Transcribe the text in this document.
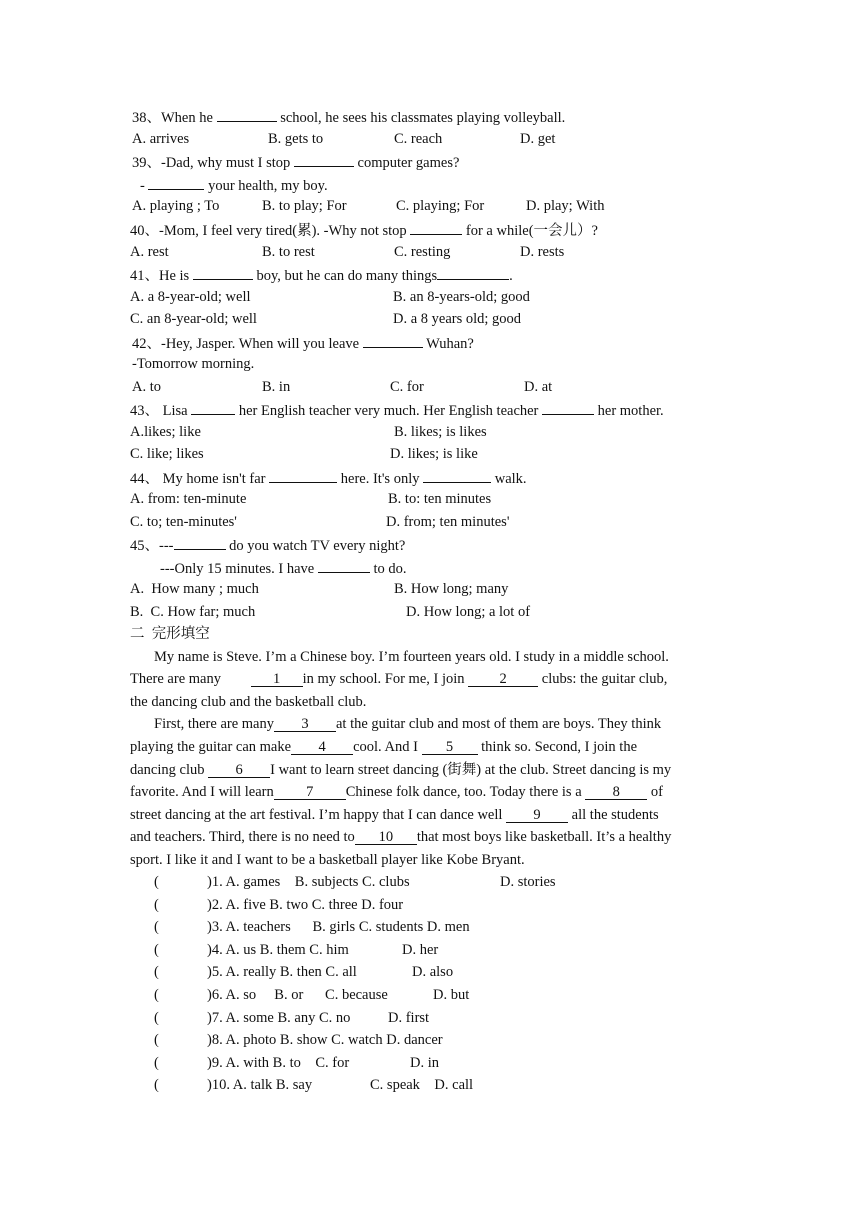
38、When he	school, he sees his classmates playing volleyball.
A. arrives	B. gets to	C. reach	D. get
39、-Dad, why must I stop	computer games?
-	your health, my boy.
A. playing ; To	B. to play; For	C. playing; For	D. play; With
40、-Mom, I feel very tired(累). -Why not stop	for a while(一会儿）?
A. rest	B. to rest	C. resting	D. rests
41、He is	boy, but he can do many things	.
A. a 8-year-old; well	B. an 8-years-old; good
C. an 8-year-old; well	D. a 8 years old; good
42、-Hey, Jasper. When will you leave	Wuhan?
-Tomorrow morning.
A. to	B. in	C. for	D. at
43、 Lisa	her English teacher very much. Her English teacher	her mother.
A.likes; like	B. likes; is likes
C. like; likes	D. likes; is like
44、 My home isn't far	here. It's only	walk.
A. from: ten-minute	B. to: ten minutes
C. to; ten-minutes'	D. from; ten minutes'
45、---	do you watch TV every night?
---Only 15 minutes. I have	to do.
A.  How many ; much	B. How long; many
B.  C. How far; much	D. How long; a lot of
二  完形填空
My name is Steve. I’m a Chinese boy. I’m fourteen years old. I study in a middle school.
There are many	1 in my school. For me, I join 2 clubs: the guitar club,
the dancing club and the basketball club.
First, there are many 3 at the guitar club and most of them are boys. They think
playing the guitar can make 4 cool. And I 5 think so. Second, I join the
dancing club 6 I want to learn street dancing (街舞) at the club. Street dancing is my
favorite. And I will learn 7 Chinese folk dance, too. Today there is a 8 of
street dancing at the art festival. I’m happy that I can dance well 9 all the students
and teachers. Third, there is no need to 10 that most boys like basketball. It’s a healthy
sport. I like it and I want to be a basketball player like Kobe Bryant.
(	)1. A. games    B. subjects C. clubs	D. stories
(	)2. A. five B. two C. three D. four
(	)3. A. teachers      B. girls C. students D. men
(	)4. A. us B. them C. him	D. her
(	)5. A. really B. then C. all	D. also
(	)6. A. so     B. or      C. because	D. but
(	)7. A. some B. any C. no	D. first
(	)8. A. photo B. show C. watch D. dancer
(	)9. A. with B. to    C. for	D. in
(	)10. A. talk B. say	C. speak    D. call
